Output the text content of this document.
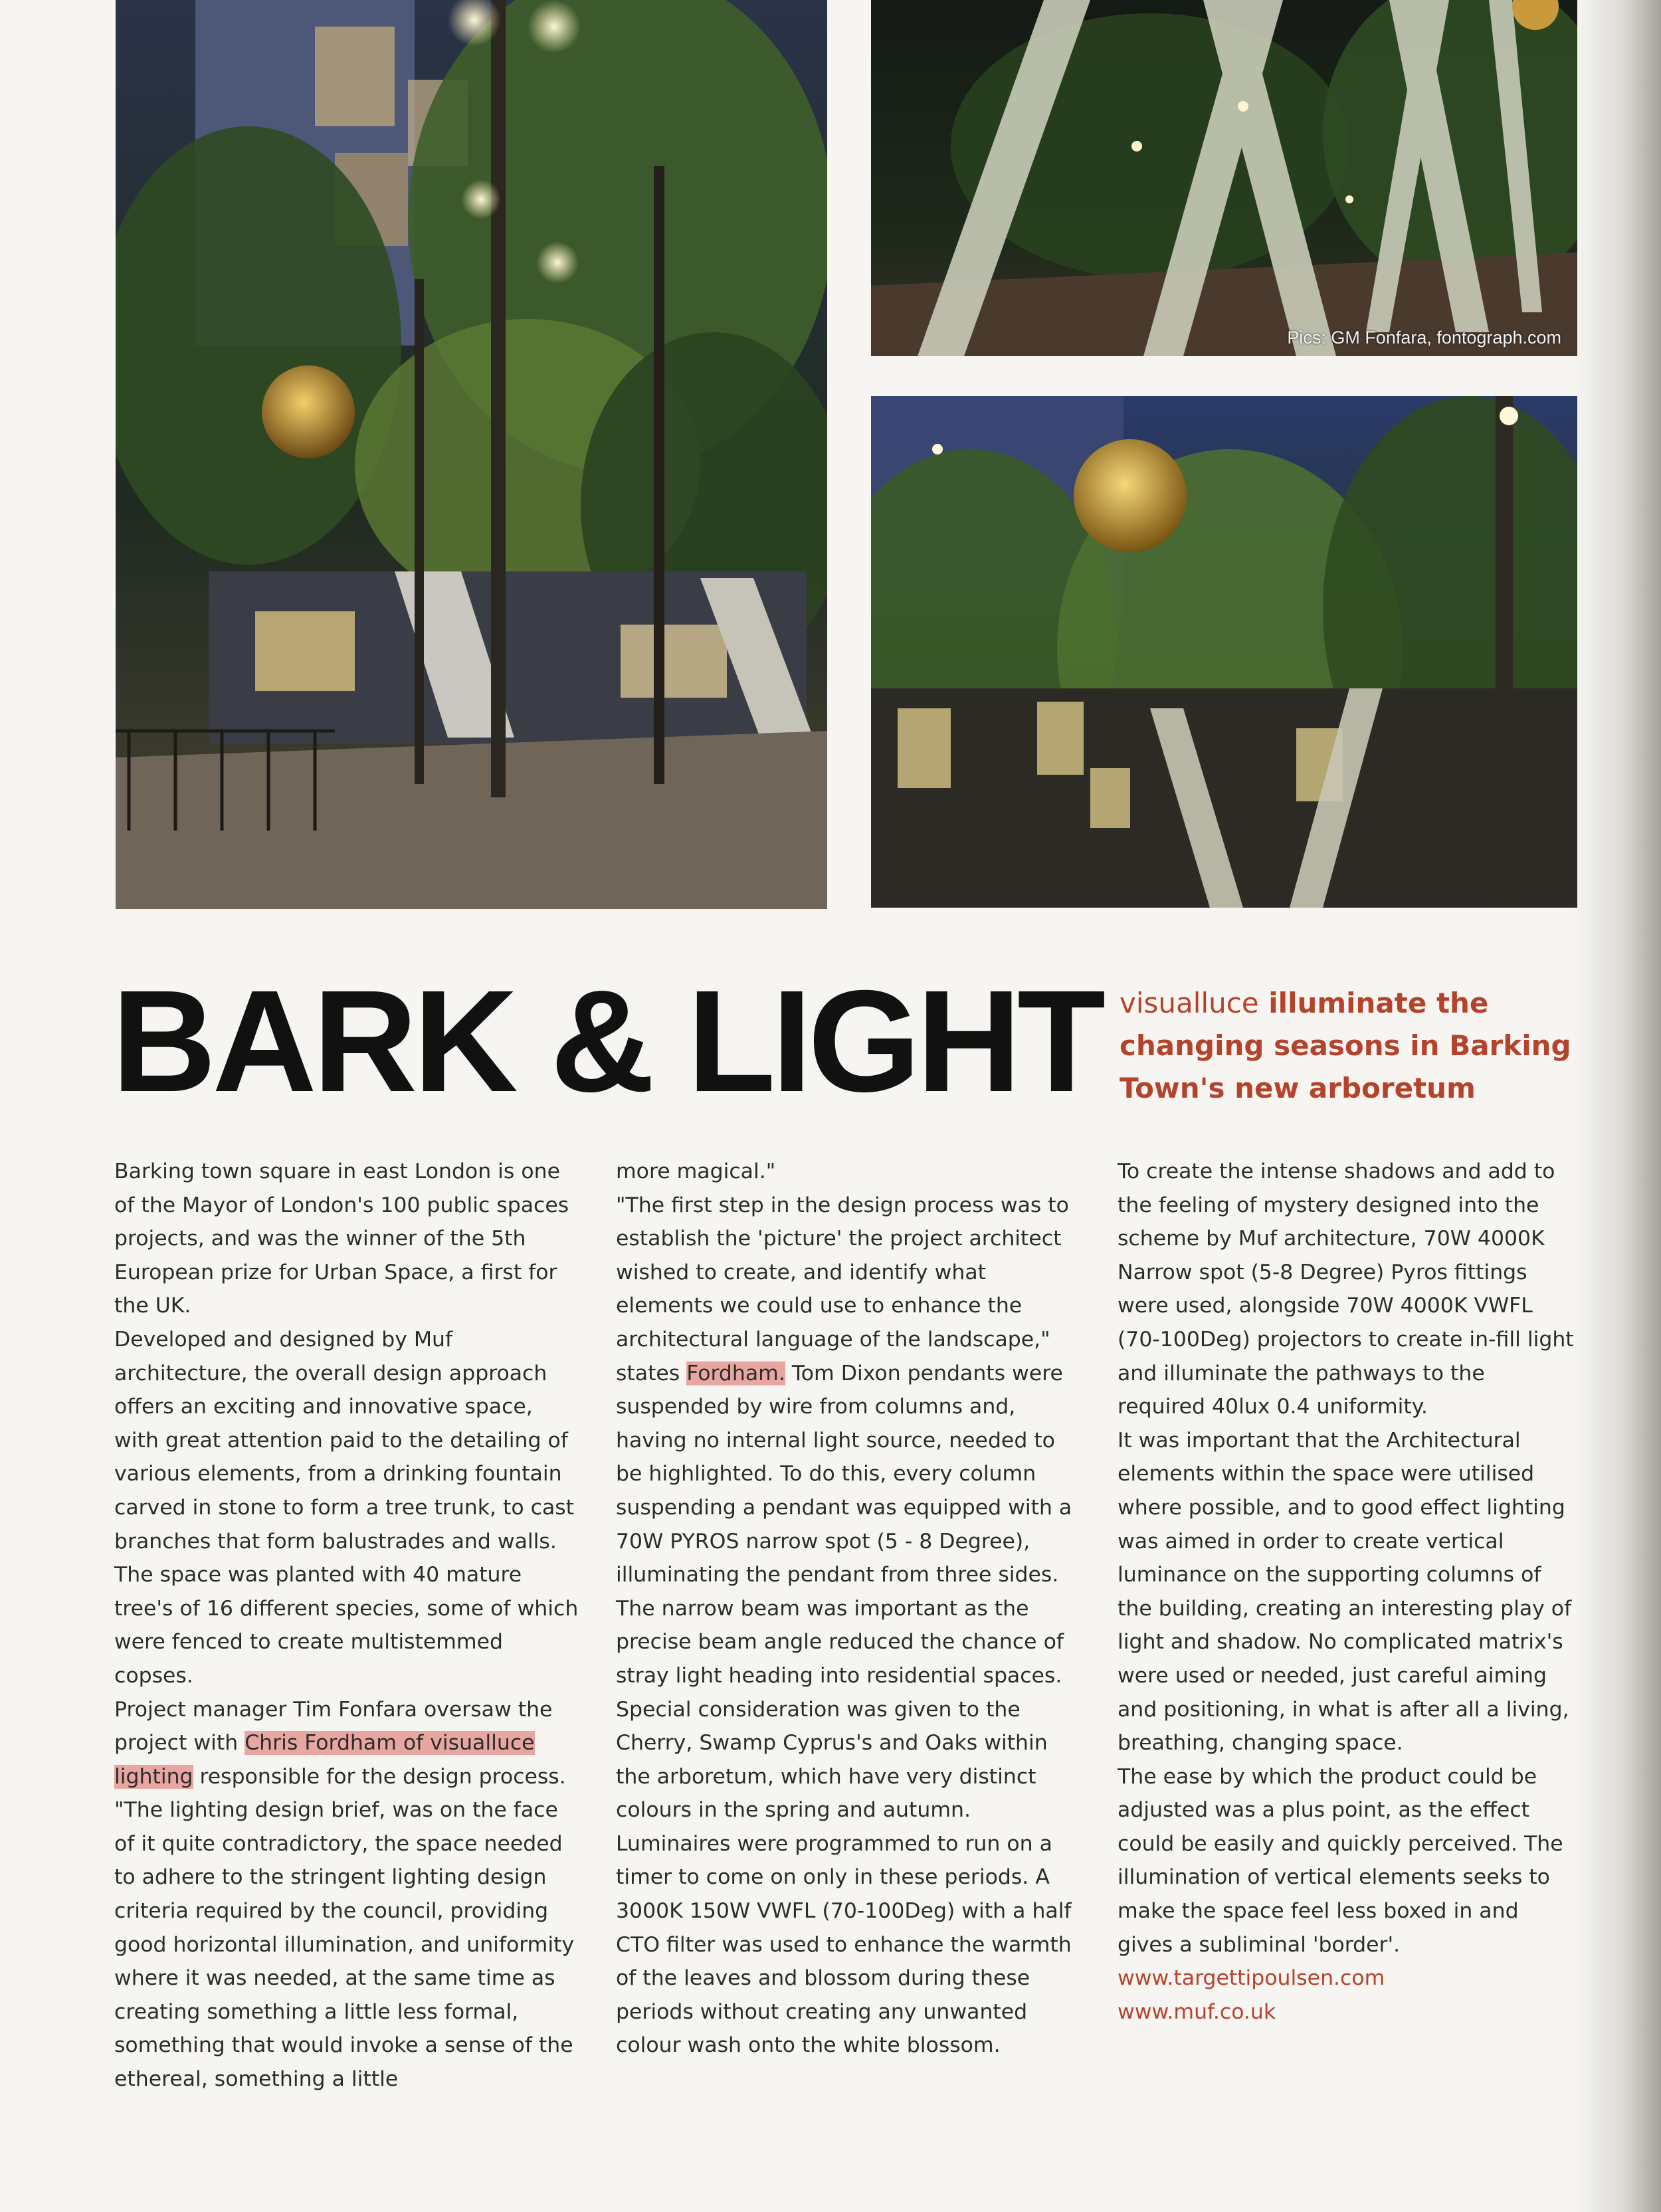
Pics: GM Fonfara, fontograph.com
BARK & LIGHT visualluce illuminate the changing seasons in Barking Town's new arboretum

Barking town square in east London is one of the Mayor of London's 100 public spaces projects, and was the winner of the 5th European prize for Urban Space, a first for the UK.

Developed and designed by Muf architecture, the overall design approach offers an exciting and innovative space, with great attention paid to the detailing of various elements, from a drinking fountain carved in stone to form a tree trunk, to cast branches that form balustrades and walls. The space was planted with 40 mature tree's of 16 different species, some of which were fenced to create multistemmed copses.

Project manager Tim Fonfara oversaw the project with Chris Fordham of visualluce lighting responsible for the design process. "The lighting design brief, was on the face of it quite contradictory, the space needed to adhere to the stringent lighting design criteria required by the council, providing good horizontal illumination, and uniformity where it was needed, at the same time as creating something a little less formal, something that would invoke a sense of the ethereal, something a little

more magical."

"The first step in the design process was to establish the 'picture' the project architect wished to create, and identify what elements we could use to enhance the architectural language of the landscape," states Fordham. Tom Dixon pendants were suspended by wire from columns and, having no internal light source, needed to be highlighted. To do this, every column suspending a pendant was equipped with a 70W PYROS narrow spot (5 - 8 Degree), illuminating the pendant from three sides. The narrow beam was important as the precise beam angle reduced the chance of stray light heading into residential spaces.

Special consideration was given to the Cherry, Swamp Cyprus's and Oaks within the arboretum, which have very distinct colours in the spring and autumn. Luminaires were programmed to run on a timer to come on only in these periods. A 3000K 150W VWFL (70-100Deg) with a half CTO filter was used to enhance the warmth of the leaves and blossom during these periods without creating any unwanted colour wash onto the white blossom.

To create the intense shadows and add to the feeling of mystery designed into the scheme by Muf architecture, 70W 4000K Narrow spot (5-8 Degree) Pyros fittings were used, alongside 70W 4000K VWFL (70-100Deg) projectors to create in-fill light and illuminate the pathways to the required 40lux 0.4 uniformity.

It was important that the Architectural elements within the space were utilised where possible, and to good effect lighting was aimed in order to create vertical luminance on the supporting columns of the building, creating an interesting play of light and shadow. No complicated matrix's were used or needed, just careful aiming and positioning, in what is after all a living, breathing, changing space.

The ease by which the product could be adjusted was a plus point, as the effect could be easily and quickly perceived. The illumination of vertical elements seeks to make the space feel less boxed in and gives a subliminal 'border'.

www.targettipoulsen.com
www.muf.co.uk
